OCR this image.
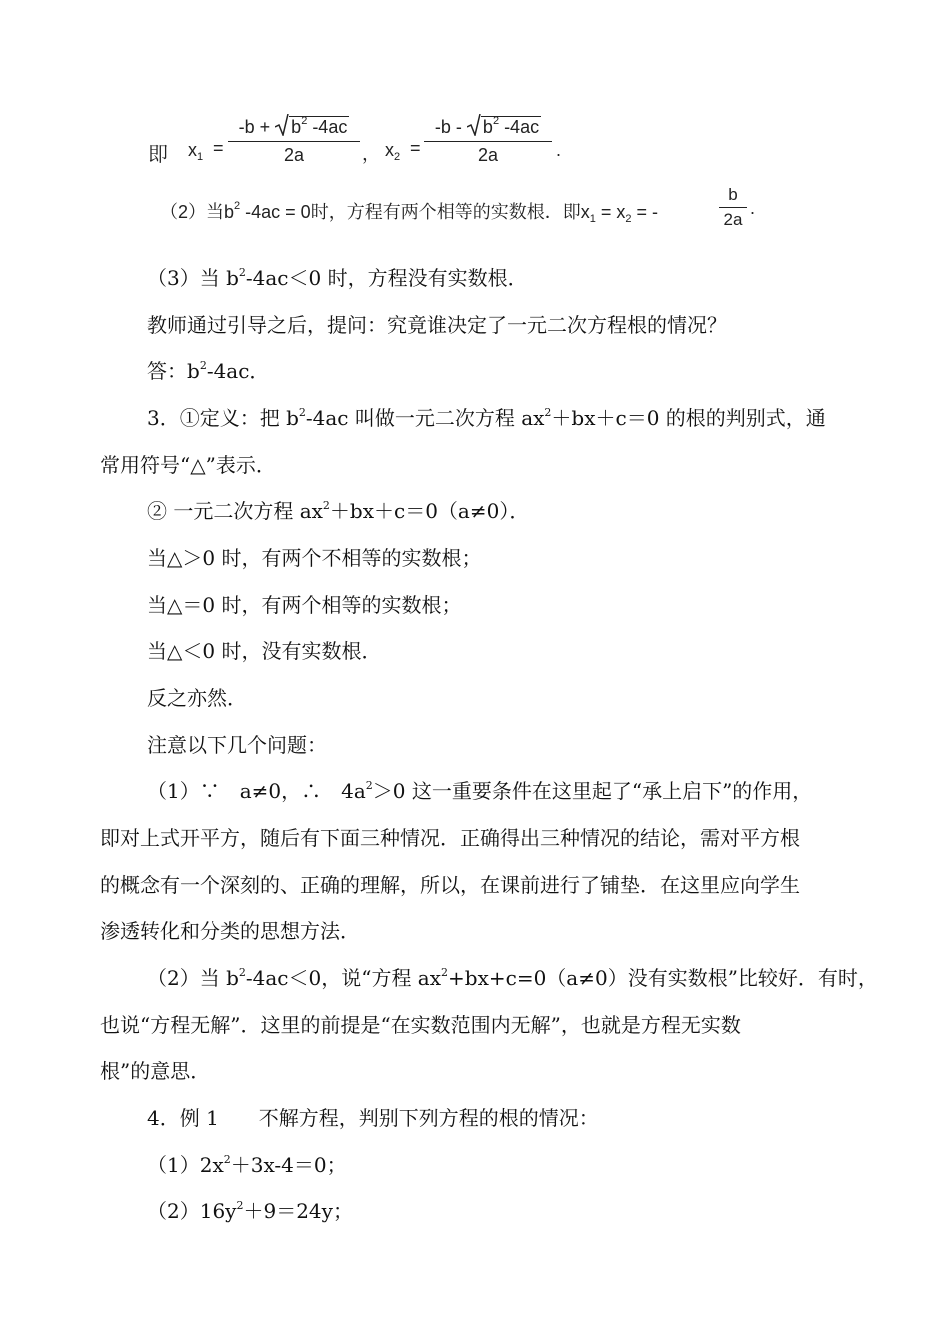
即 $x_1$ =
-b +
$b^2$ -4ac
2a	， $x_2$ =
-b -
$b^2$ -4ac
2a	.
（2）当$b^2$ -4ac = 0时，方程有两个相等的实数根．即$x_1 = x_2$ = -
b
2a
.
（3）当 $b^2-4ac<0$ 时，方程没有实数根．
教师通过引导之后，提问：究竟谁决定了一元二次方程根的情况？
答：$b^2-4ac$．
3．①定义：把 $b^2-4ac$ 叫做一元二次方程 $ax^2+bx+c=0$ 的根的判别式，通
常用符号“△”表示．
② 一元二次方程 $ax^2+bx+c=0(a\ne 0)$．
当△＞0 时，有两个不相等的实数根；
当△＝0 时，有两个相等的实数根；
当△＜0 时，没有实数根．
反之亦然．
注意以下几个问题：
（1）∵　a≠0，∴　$4a^2>0$ 这一重要条件在这里起了“承上启下”的作用，
即对上式开平方，随后有下面三种情况．正确得出三种情况的结论，需对平方根
的概念有一个深刻的、正确的理解，所以，在课前进行了铺垫．在这里应向学生
渗透转化和分类的思想方法．
（2）当 $b^2-4ac<0$，说“方程 $ax^2+bx+c=0(a\ne 0)$没有实数根”比较好．有时，
也说“方程无解”．这里的前提是“在实数范围内无解”，也就是方程无实数
根”的意思．
4．例 1　　不解方程，判别下列方程的根的情况：
$(1)2x^2+3x-4=0$；
$(2)16y^2+9=24y$；
